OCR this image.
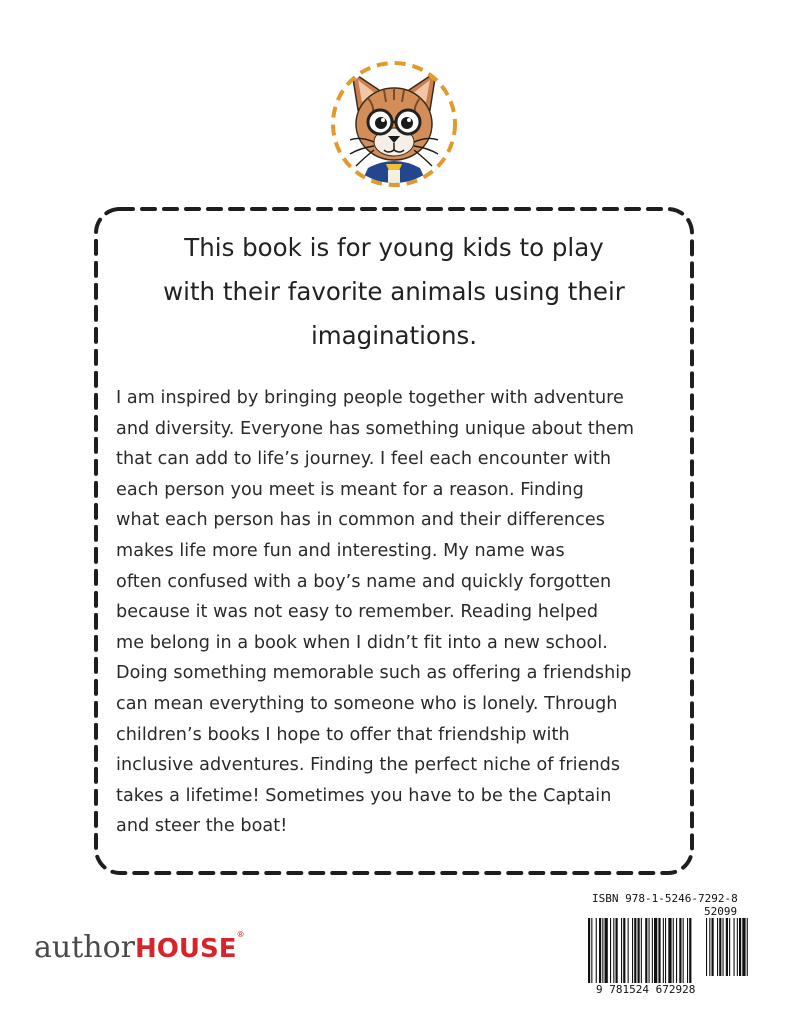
This book is for young kids to play
with their favorite animals using their
imaginations.
I am inspired by bringing people together with adventure
and diversity. Everyone has something unique about them
that can add to life’s journey. I feel each encounter with
each person you meet is meant for a reason. Finding
what each person has in common and their differences
makes life more fun and interesting. My name was
often confused with a boy’s name and quickly forgotten
because it was not easy to remember. Reading helped
me belong in a book when I didn’t fit into a new school.
Doing something memorable such as offering a friendship
can mean everything to someone who is lonely. Through
children’s books I hope to offer that friendship with
inclusive adventures. Finding the perfect niche of friends
takes a lifetime! Sometimes you have to be the Captain
and steer the boat!
authorHOUSE®
ISBN 978-1-5246-7292-8
52099
9 781524 672928
